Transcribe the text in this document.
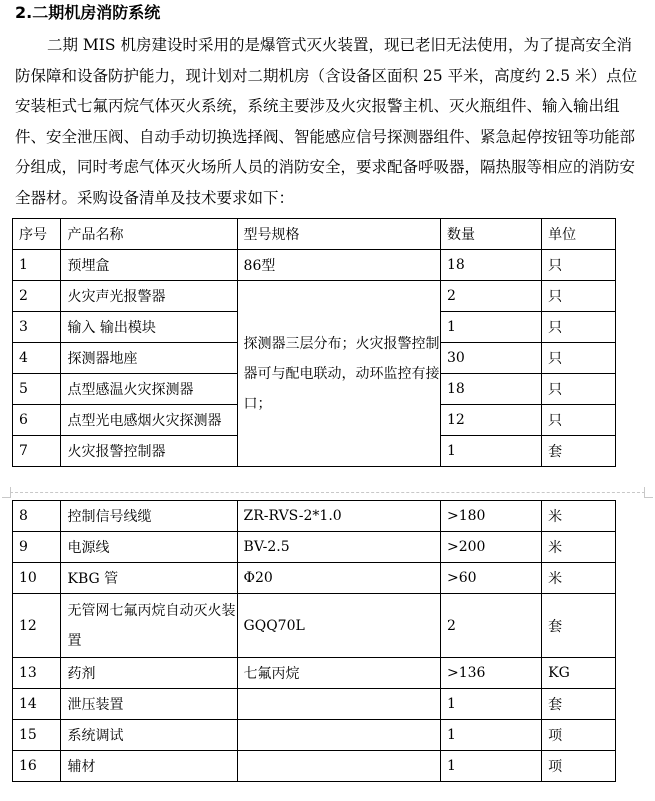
2.二期机房消防系统
二期 MIS 机房建设时采用的是爆管式灭火装置，现已老旧无法使用，为了提高安全消防保障和设备防护能力，现计划对二期机房（含设备区面积 25 平米，高度约 2.5 米）点位安装柜式七氟丙烷气体灭火系统，系统主要涉及火灾报警主机、灭火瓶组件、输入输出组件、安全泄压阀、自动手动切换选择阀、智能感应信号探测器组件、紧急起停按钮等功能部分组成，同时考虑气体灭火场所人员的消防安全，要求配备呼吸器，隔热服等相应的消防安全器材。采购设备清单及技术要求如下：
序号	产品名称	型号规格	数量	单位
1	预埋盒	86型	18	只
2	火灾声光报警器	探测器三层分布；火灾报警控制器可与配电联动，动环监控有接口；	2	只
3	输入 输出模块		1	只
4	探测器地座		30	只
5	点型感温火灾探测器		18	只
6	点型光电感烟火灾探测器		12	只
7	火灾报警控制器		1	套
8	控制信号线缆	ZR-RVS-2*1.0	>180	米
9	电源线	BV-2.5	>200	米
10	KBG 管	Φ20	>60	米
12	无管网七氟丙烷自动灭火装置	GQQ70L	2	套
13	药剂	七氟丙烷	>136	KG
14	泄压装置		1	套
15	系统调试		1	项
16	辅材		1	项
